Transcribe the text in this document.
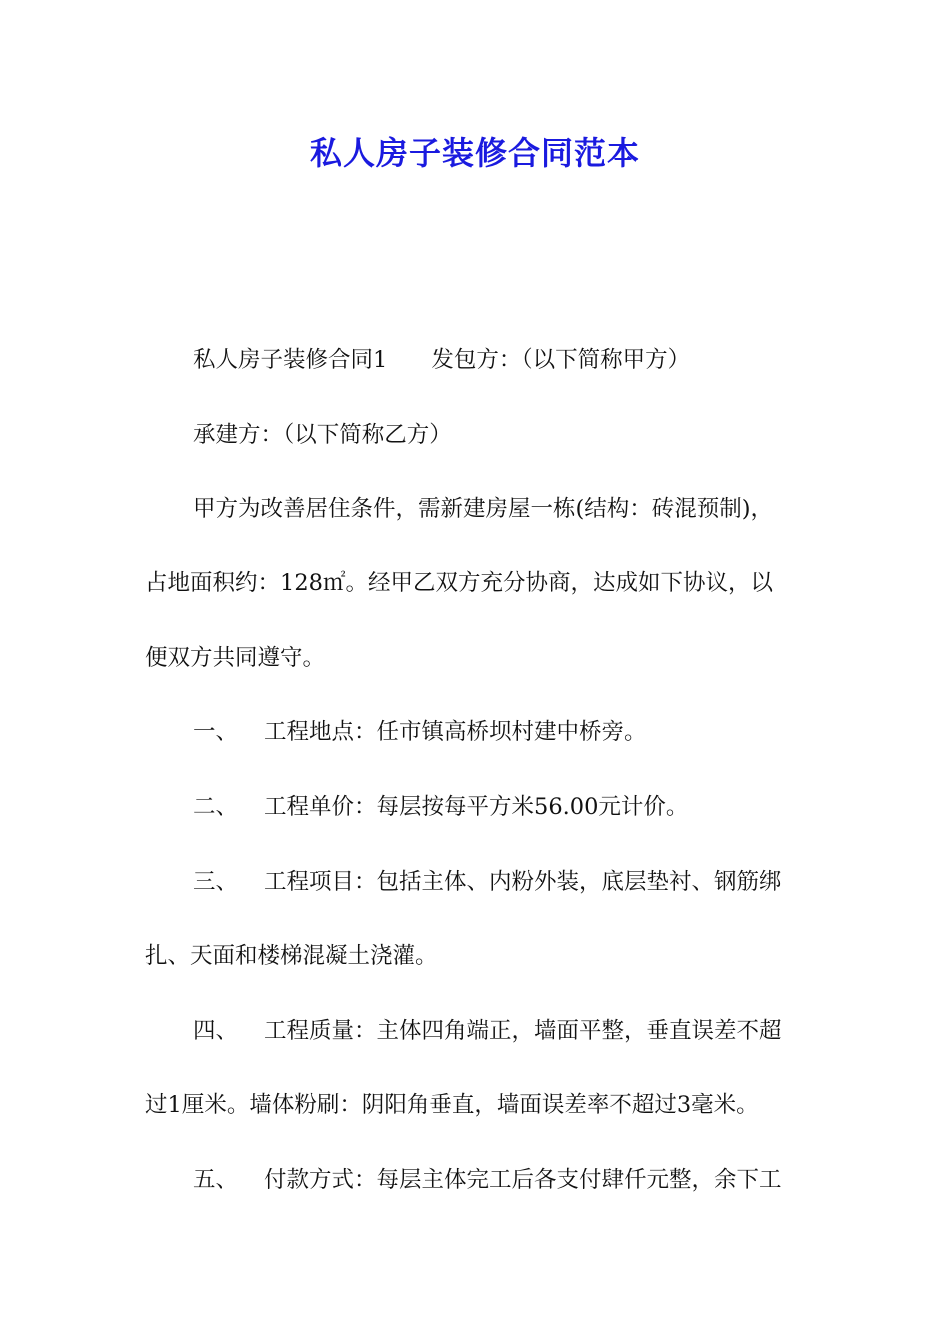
私人房子装修合同范本
私人房子装修合同1 发包方：（以下简称甲方）
承建方：（以下简称乙方）
甲方为改善居住条件，需新建房屋一栋(结构：砖混预制)，
占地面积约：128㎡。经甲乙双方充分协商，达成如下协议，以
便双方共同遵守。
一、 工程地点：任市镇高桥坝村建中桥旁。
二、 工程单价：每层按每平方米56.00元计价。
三、 工程项目：包括主体、内粉外装，底层垫衬、钢筋绑
扎、天面和楼梯混凝土浇灌。
四、 工程质量：主体四角端正，墙面平整，垂直误差不超
过1厘米。墙体粉刷：阴阳角垂直，墙面误差率不超过3毫米。
五、 付款方式：每层主体完工后各支付肆仟元整，余下工
